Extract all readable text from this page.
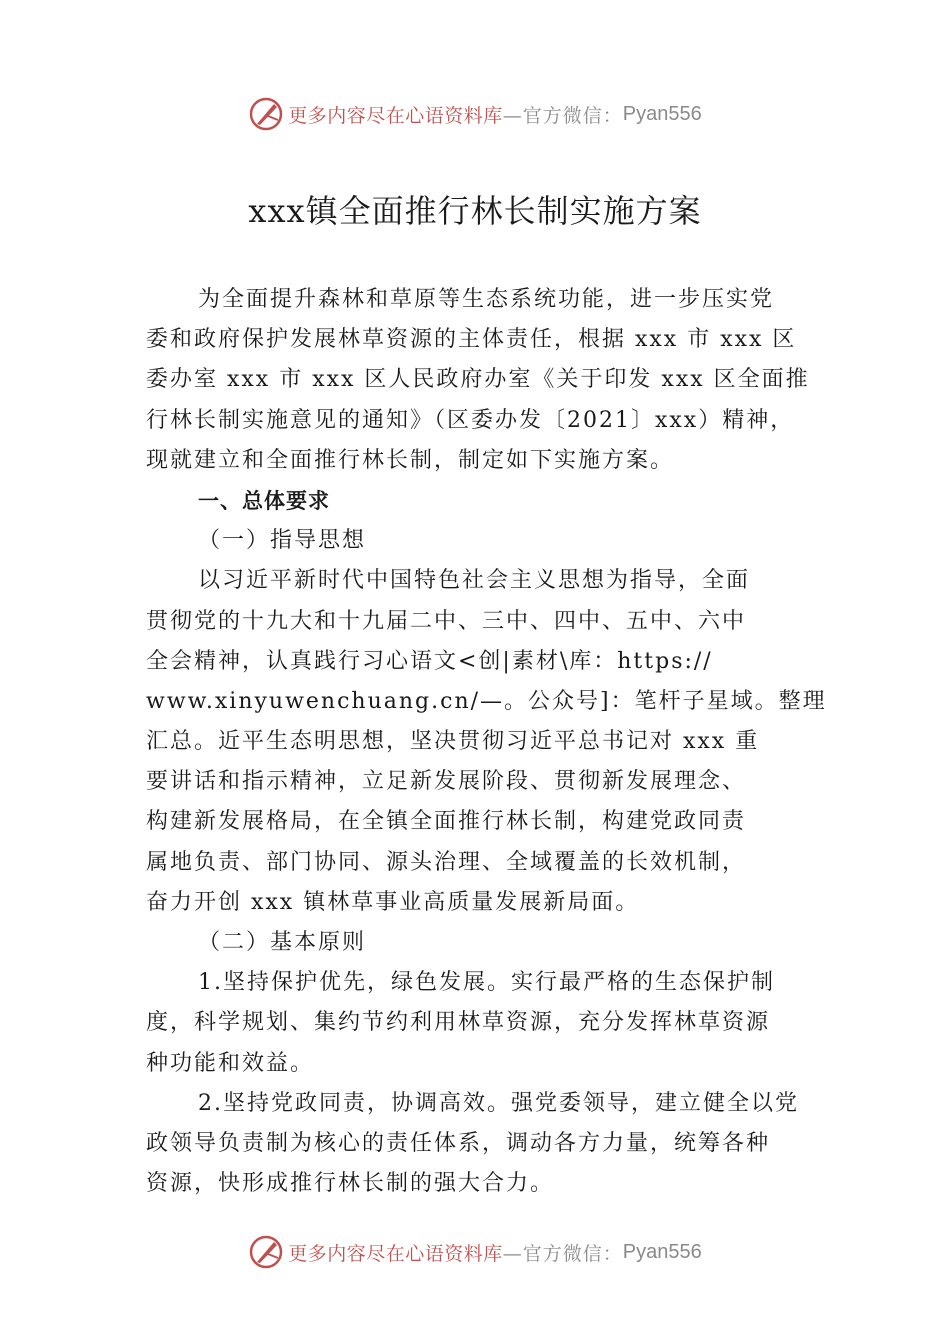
更多内容尽在心语资料库 —官方微信： Pyan556
xxx镇全面推行林长制实施方案
为全面提升森林和草原等生态系统功能，进一步压实党
委和政府保护发展林草资源的主体责任，根据 xxx 市 xxx 区
委办室 xxx 市 xxx 区人民政府办室《关于印发 xxx 区全面推
行林长制实施意见的通知》（区委办发〔2021〕xxx）精神，
现就建立和全面推行林长制，制定如下实施方案。
一、总体要求
（一）指导思想
以习近平新时代中国特色社会主义思想为指导，全面
贯彻党的十九大和十九届二中、三中、四中、五中、六中
全会精神，认真践行习心语文<创|素材\库：https://
www.xinyuwenchuang.cn/—。公众号]：笔杆子星域。整理
汇总。近平生态明思想，坚决贯彻习近平总书记对 xxx 重
要讲话和指示精神，立足新发展阶段、贯彻新发展理念、
构建新发展格局，在全镇全面推行林长制，构建党政同责
属地负责、部门协同、源头治理、全域覆盖的长效机制，
奋力开创 xxx 镇林草事业高质量发展新局面。
（二）基本原则
1.坚持保护优先，绿色发展。实行最严格的生态保护制
度，科学规划、集约节约利用林草资源，充分发挥林草资源
种功能和效益。
2.坚持党政同责，协调高效。强党委领导，建立健全以党
政领导负责制为核心的责任体系，调动各方力量，统筹各种
资源，快形成推行林长制的强大合力。
更多内容尽在心语资料库 —官方微信： Pyan556
